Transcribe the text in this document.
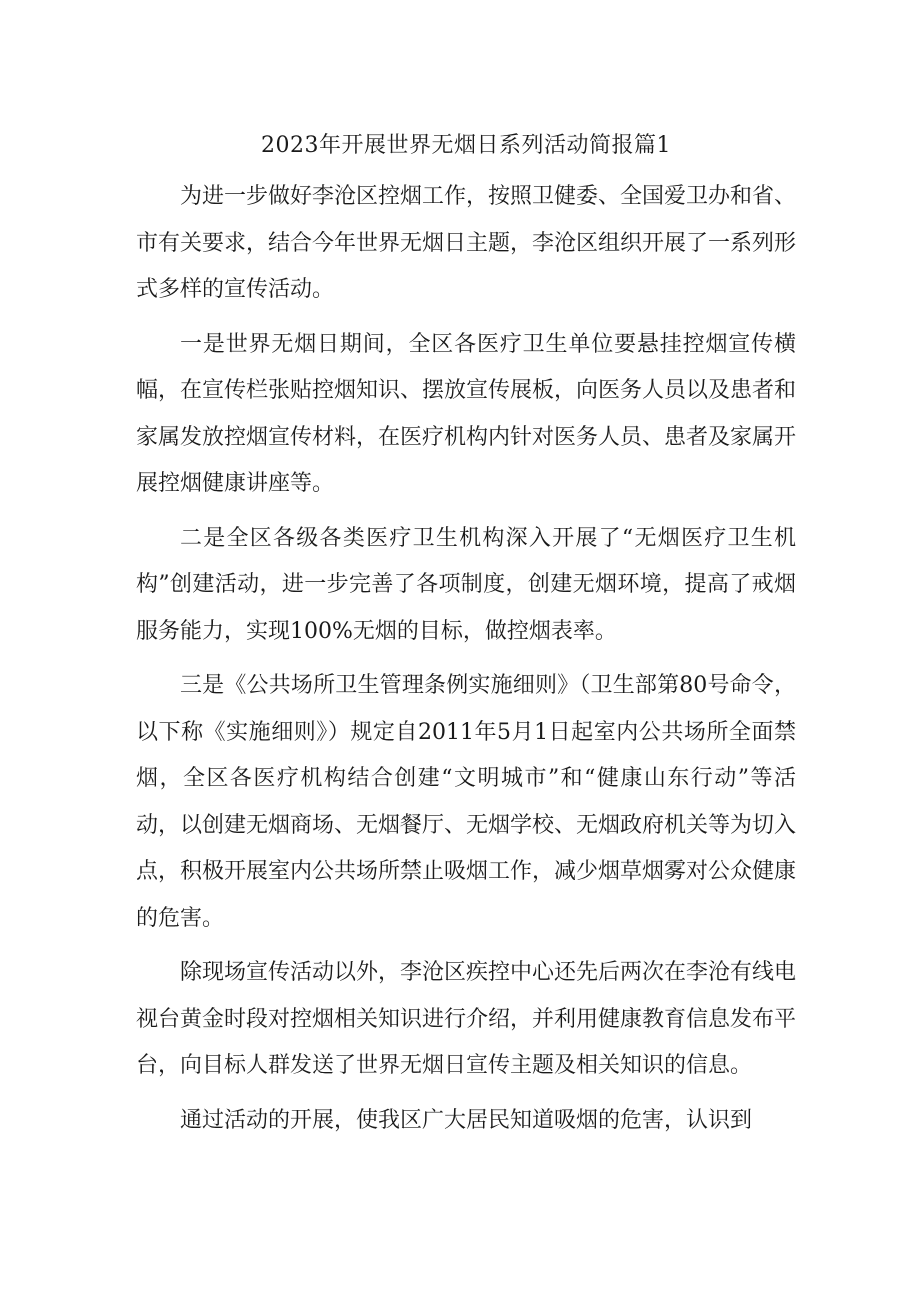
2023年开展世界无烟日系列活动简报篇1

为进一步做好李沧区控烟工作，按照卫健委、全国爱卫办和省、市有关要求，结合今年世界无烟日主题，李沧区组织开展了一系列形式多样的宣传活动。

一是世界无烟日期间，全区各医疗卫生单位要悬挂控烟宣传横幅，在宣传栏张贴控烟知识、摆放宣传展板，向医务人员以及患者和家属发放控烟宣传材料，在医疗机构内针对医务人员、患者及家属开展控烟健康讲座等。

二是全区各级各类医疗卫生机构深入开展了“无烟医疗卫生机构”创建活动，进一步完善了各项制度，创建无烟环境，提高了戒烟服务能力，实现100%无烟的目标，做控烟表率。

三是《公共场所卫生管理条例实施细则》（卫生部第80号命令，以下称《实施细则》）规定自2011年5月1日起室内公共场所全面禁烟，全区各医疗机构结合创建“文明城市”和“健康山东行动”等活动，以创建无烟商场、无烟餐厅、无烟学校、无烟政府机关等为切入点，积极开展室内公共场所禁止吸烟工作，减少烟草烟雾对公众健康的危害。

除现场宣传活动以外，李沧区疾控中心还先后两次在李沧有线电视台黄金时段对控烟相关知识进行介绍，并利用健康教育信息发布平台，向目标人群发送了世界无烟日宣传主题及相关知识的信息。

通过活动的开展，使我区广大居民知道吸烟的危害，认识到
